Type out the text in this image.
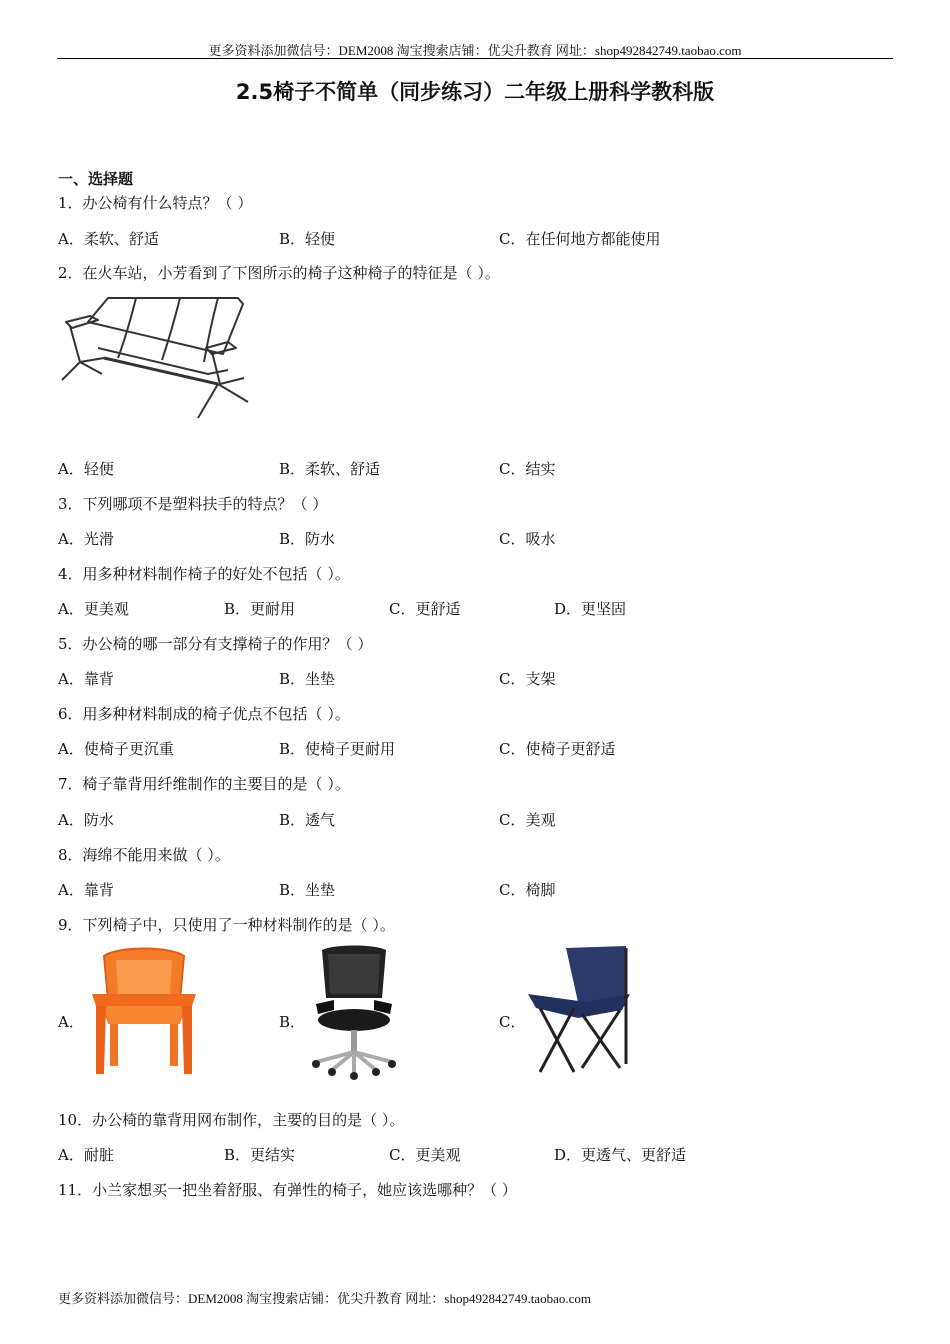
更多资料添加微信号：DEM2008 淘宝搜索店铺：优尖升教育 网址：shop492842749.taobao.com
2.5椅子不简单（同步练习）二年级上册科学教科版
一、选择题
1．办公椅有什么特点？（ ）
A．柔软、舒适	B．轻便	C．在任何地方都能使用
2．在火车站，小芳看到了下图所示的椅子这种椅子的特征是（ ）。
A．轻便	B．柔软、舒适	C．结实
3．下列哪项不是塑料扶手的特点？（ ）
A．光滑	B．防水	C．吸水
4．用多种材料制作椅子的好处不包括（ ）。
A．更美观	B．更耐用	C．更舒适	D．更坚固
5．办公椅的哪一部分有支撑椅子的作用？（ ）
A．靠背	B．坐垫	C．支架
6．用多种材料制成的椅子优点不包括（ ）。
A．使椅子更沉重	B．使椅子更耐用	C．使椅子更舒适
7．椅子靠背用纤维制作的主要目的是（ ）。
A．防水	B．透气	C．美观
8．海绵不能用来做（ ）。
A．靠背	B．坐垫	C．椅脚
9．下列椅子中，只使用了一种材料制作的是（ ）。
A．	B．	C．
10．办公椅的靠背用网布制作，主要的目的是（ ）。
A．耐脏	B．更结实	C．更美观	D．更透气、更舒适
11．小兰家想买一把坐着舒服、有弹性的椅子，她应该选哪种？（ ）
更多资料添加微信号：DEM2008 淘宝搜索店铺：优尖升教育 网址：shop492842749.taobao.com
